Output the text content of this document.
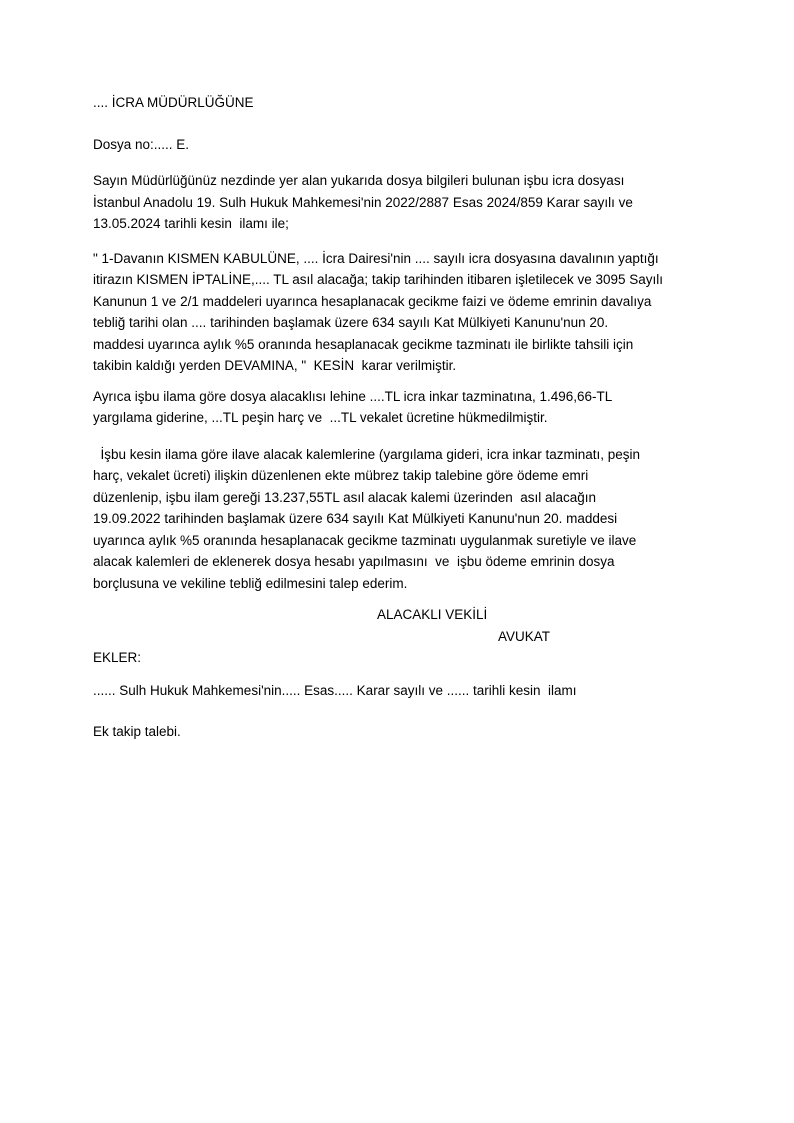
.... İCRA MÜDÜRLÜĞÜNE
Dosya no:..... E.
Sayın Müdürlüğünüz nezdinde yer alan yukarıda dosya bilgileri bulunan işbu icra dosyası
İstanbul Anadolu 19. Sulh Hukuk Mahkemesi'nin 2022/2887 Esas 2024/859 Karar sayılı ve
13.05.2024 tarihli kesin  ilamı ile;
" 1-Davanın KISMEN KABULÜNE, .... İcra Dairesi'nin .... sayılı icra dosyasına davalının yaptığı
itirazın KISMEN İPTALİNE,.... TL asıl alacağa; takip tarihinden itibaren işletilecek ve 3095 Sayılı
Kanunun 1 ve 2/1 maddeleri uyarınca hesaplanacak gecikme faizi ve ödeme emrinin davalıya
tebliğ tarihi olan .... tarihinden başlamak üzere 634 sayılı Kat Mülkiyeti Kanunu'nun 20.
maddesi uyarınca aylık %5 oranında hesaplanacak gecikme tazminatı ile birlikte tahsili için
takibin kaldığı yerden DEVAMINA, "  KESİN  karar verilmiştir.
Ayrıca işbu ilama göre dosya alacaklısı lehine ....TL icra inkar tazminatına, 1.496,66-TL
yargılama giderine, ...TL peşin harç ve  ...TL vekalet ücretine hükmedilmiştir.
İşbu kesin ilama göre ilave alacak kalemlerine (yargılama gideri, icra inkar tazminatı, peşin
harç, vekalet ücreti) ilişkin düzenlenen ekte mübrez takip talebine göre ödeme emri
düzenlenip, işbu ilam gereği 13.237,55TL asıl alacak kalemi üzerinden  asıl alacağın
19.09.2022 tarihinden başlamak üzere 634 sayılı Kat Mülkiyeti Kanunu'nun 20. maddesi
uyarınca aylık %5 oranında hesaplanacak gecikme tazminatı uygulanmak suretiyle ve ilave
alacak kalemleri de eklenerek dosya hesabı yapılmasını  ve  işbu ödeme emrinin dosya
borçlusuna ve vekiline tebliğ edilmesini talep ederim.
ALACAKLI VEKİLİ
AVUKAT
EKLER:
...... Sulh Hukuk Mahkemesi'nin..... Esas..... Karar sayılı ve ...... tarihli kesin  ilamı
Ek takip talebi.
